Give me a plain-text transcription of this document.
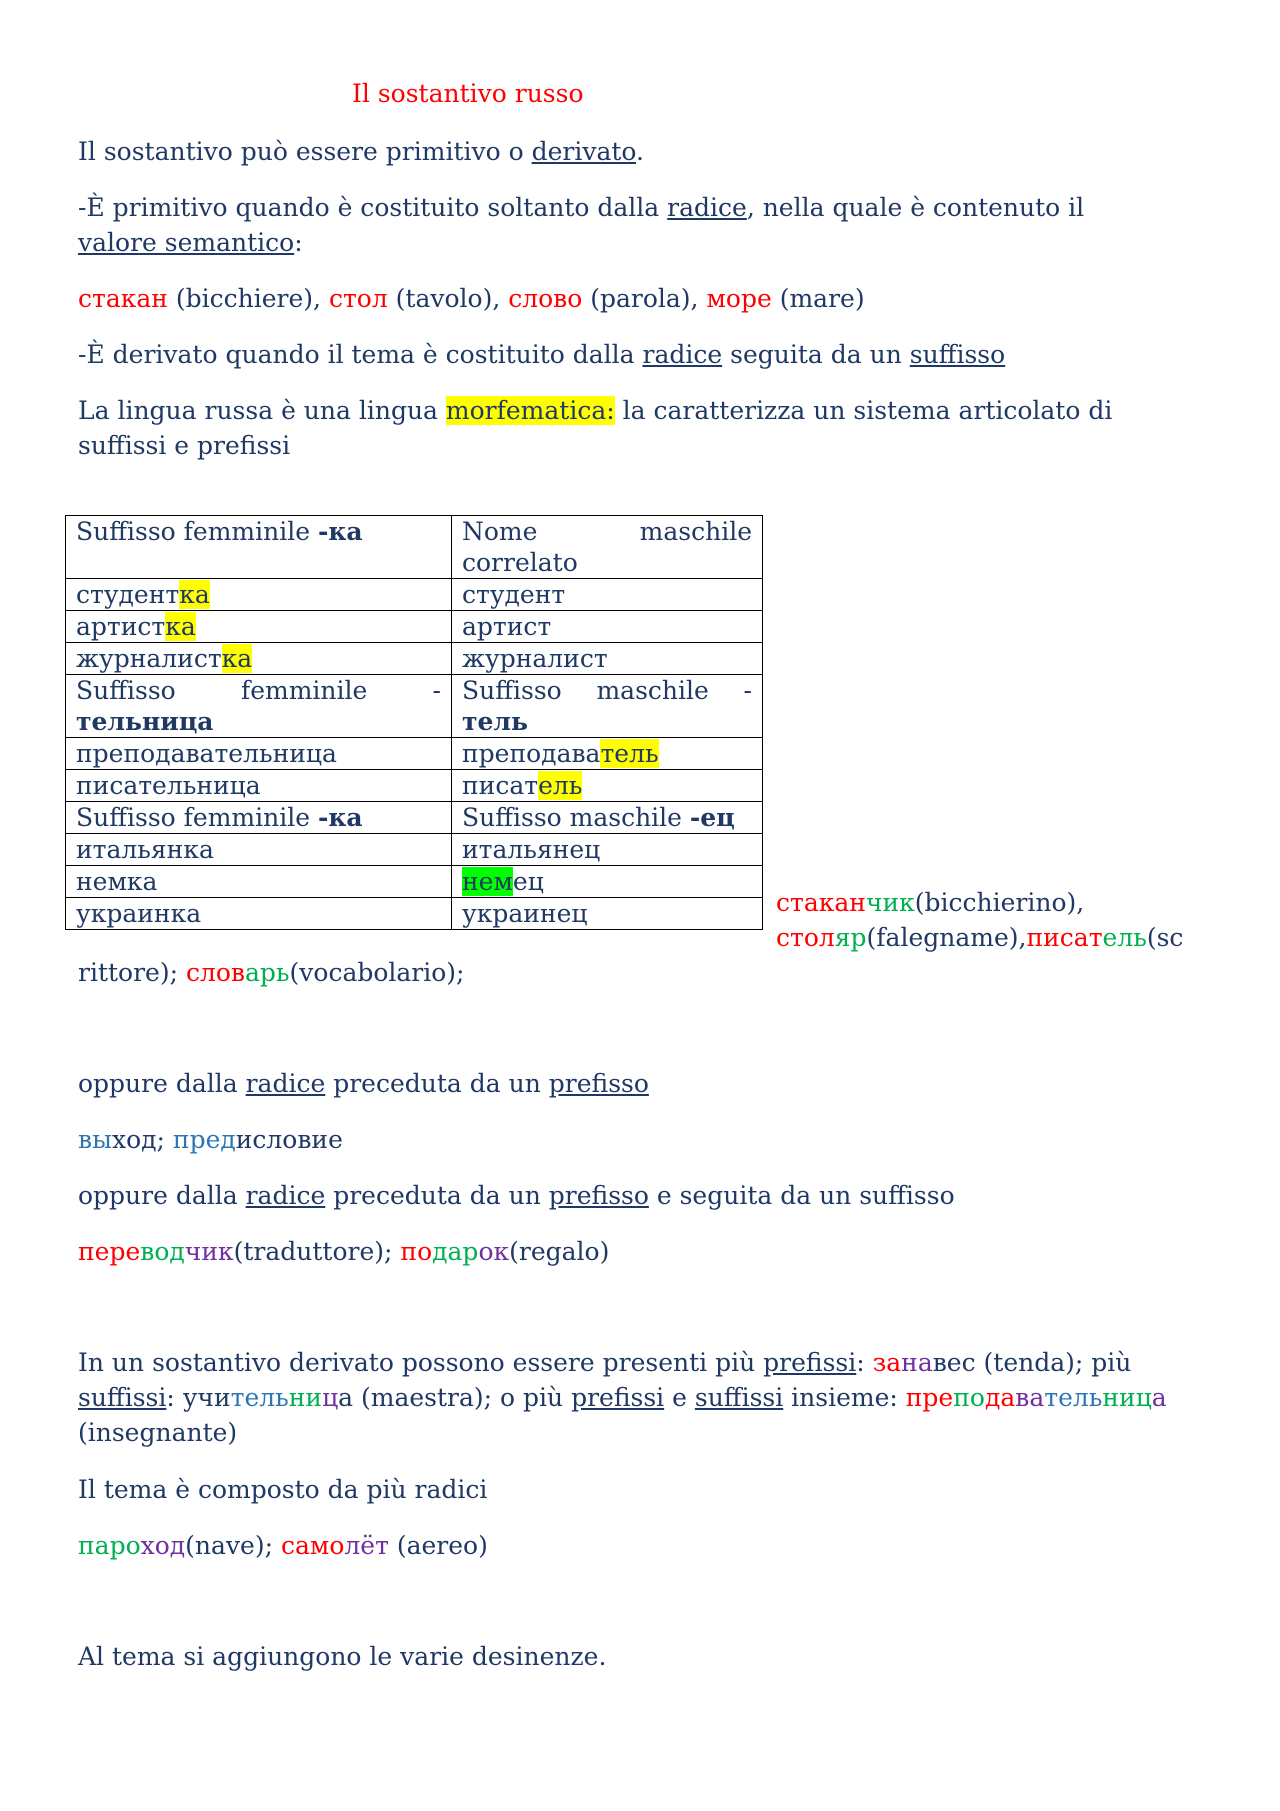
Il sostantivo russo

Il sostantivo può essere primitivo o derivato.

-È primitivo quando è costituito soltanto dalla radice, nella quale è contenuto il
valore semantico:

стакан (bicchiere), стол (tavolo), слово (parola), море (mare)

-È derivato quando il tema è costituito dalla radice seguita da un suffisso

La lingua russa è una lingua morfematica: la caratterizza un sistema articolato di
suffissi e prefissi

Suffisso femminile -ка	Nome maschile
correlato
студентка	студент
артистка	артист
журналистка	журналист

Suffisso femminile -
тельница	Suffisso maschile -
тель
преподавательница	преподаватель
писательница	писатель
Suffisso femminile -ка	Suffisso maschile -ец
итальянка	итальянец
немка	немец
украинка	украинец	стаканчик(bicchierino),
столяр(falegname),писатель(sc

rittore); словарь(vocabolario);

oppure dalla radice preceduta da un prefisso

выход; предисловие

oppure dalla radice preceduta da un prefisso e seguita da un suffisso

переводчик(traduttore); подарок(regalo)

In un sostantivo derivato possono essere presenti più prefissi: занавес (tenda); più
suffissi: учительница (maestra); o più prefissi e suffissi insieme: преподавательница
(insegnante)

Il tema è composto da più radici

пароход(nave); самолёт (aereo)

Al tema si aggiungono le varie desinenze.
